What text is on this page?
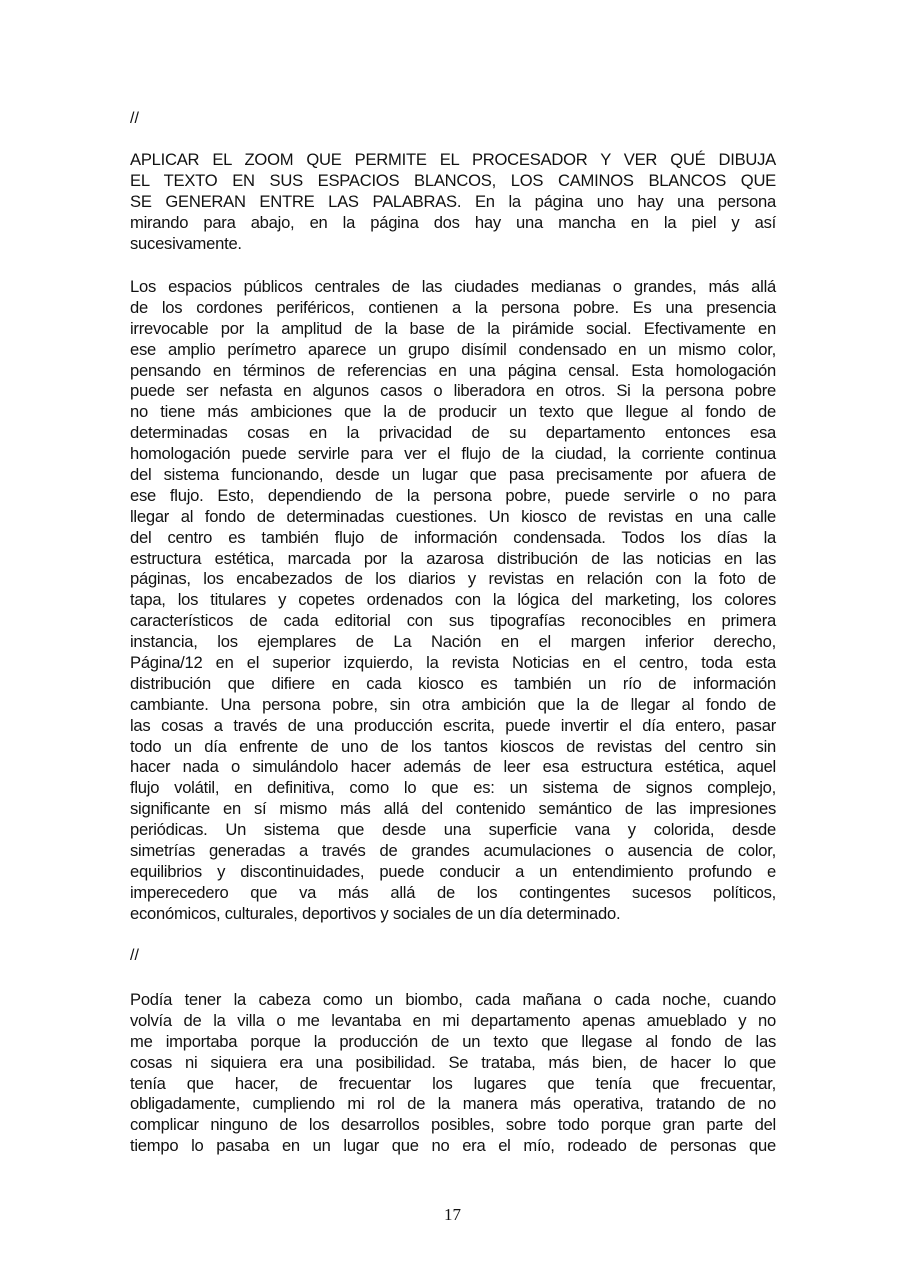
//
APLICAR EL ZOOM QUE PERMITE EL PROCESADOR Y VER QUÉ DIBUJA
EL TEXTO EN SUS ESPACIOS BLANCOS, LOS CAMINOS BLANCOS QUE
SE GENERAN ENTRE LAS PALABRAS. En la página uno hay una persona
mirando para abajo, en la página dos hay una mancha en la piel y así
sucesivamente.
Los espacios públicos centrales de las ciudades medianas o grandes, más allá
de los cordones periféricos, contienen a la persona pobre. Es una presencia
irrevocable por la amplitud de la base de la pirámide social. Efectivamente en
ese amplio perímetro aparece un grupo disímil condensado en un mismo color,
pensando en términos de referencias en una página censal. Esta homologación
puede ser nefasta en algunos casos o liberadora en otros. Si la persona pobre
no tiene más ambiciones que la de producir un texto que llegue al fondo de
determinadas cosas en la privacidad de su departamento entonces esa
homologación puede servirle para ver el flujo de la ciudad, la corriente continua
del sistema funcionando, desde un lugar que pasa precisamente por afuera de
ese flujo. Esto, dependiendo de la persona pobre, puede servirle o no para
llegar al fondo de determinadas cuestiones. Un kiosco de revistas en una calle
del centro es también flujo de información condensada. Todos los días la
estructura estética, marcada por la azarosa distribución de las noticias en las
páginas, los encabezados de los diarios y revistas en relación con la foto de
tapa, los titulares y copetes ordenados con la lógica del marketing, los colores
característicos de cada editorial con sus tipografías reconocibles en primera
instancia, los ejemplares de La Nación en el margen inferior derecho,
Página/12 en el superior izquierdo, la revista Noticias en el centro, toda esta
distribución que difiere en cada kiosco es también un río de información
cambiante. Una persona pobre, sin otra ambición que la de llegar al fondo de
las cosas a través de una producción escrita, puede invertir el día entero, pasar
todo un día enfrente de uno de los tantos kioscos de revistas del centro sin
hacer nada o simulándolo hacer además de leer esa estructura estética, aquel
flujo volátil, en definitiva, como lo que es: un sistema de signos complejo,
significante en sí mismo más allá del contenido semántico de las impresiones
periódicas. Un sistema que desde una superficie vana y colorida, desde
simetrías generadas a través de grandes acumulaciones o ausencia de color,
equilibrios y discontinuidades, puede conducir a un entendimiento profundo e
imperecedero que va más allá de los contingentes sucesos políticos,
económicos, culturales, deportivos y sociales de un día determinado.
//
Podía tener la cabeza como un biombo, cada mañana o cada noche, cuando
volvía de la villa o me levantaba en mi departamento apenas amueblado y no
me importaba porque la producción de un texto que llegase al fondo de las
cosas ni siquiera era una posibilidad. Se trataba, más bien, de hacer lo que
tenía que hacer, de frecuentar los lugares que tenía que frecuentar,
obligadamente, cumpliendo mi rol de la manera más operativa, tratando de no
complicar ninguno de los desarrollos posibles, sobre todo porque gran parte del
tiempo lo pasaba en un lugar que no era el mío, rodeado de personas que
17
